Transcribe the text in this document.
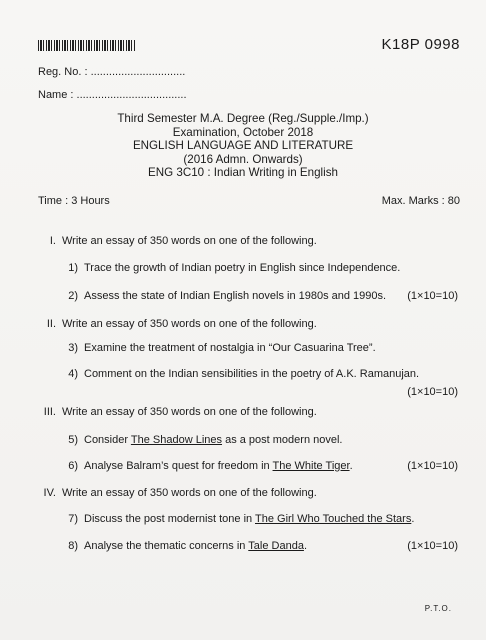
K18P 0998
Reg. No. : ...............................
Name : ....................................
Third Semester M.A. Degree (Reg./Supple./Imp.)
Examination, October 2018
ENGLISH LANGUAGE AND LITERATURE
(2016 Admn. Onwards)
ENG 3C10 : Indian Writing in English
Time : 3 Hours	Max. Marks : 80
I. Write an essay of 350 words on one of the following.
1) Trace the growth of Indian poetry in English since Independence.
2) Assess the state of Indian English novels in 1980s and 1990s. (1×10=10)
II. Write an essay of 350 words on one of the following.
3) Examine the treatment of nostalgia in “Our Casuarina Tree”.
4) Comment on the Indian sensibilities in the poetry of A.K. Ramanujan.
(1×10=10)
III. Write an essay of 350 words on one of the following.
5) Consider The Shadow Lines as a post modern novel.
6) Analyse Balram’s quest for freedom in The White Tiger.	(1×10=10)
IV. Write an essay of 350 words on one of the following.
7) Discuss the post modernist tone in The Girl Who Touched the Stars.
8) Analyse the thematic concerns in Tale Danda.	(1×10=10)
P.T.O.
